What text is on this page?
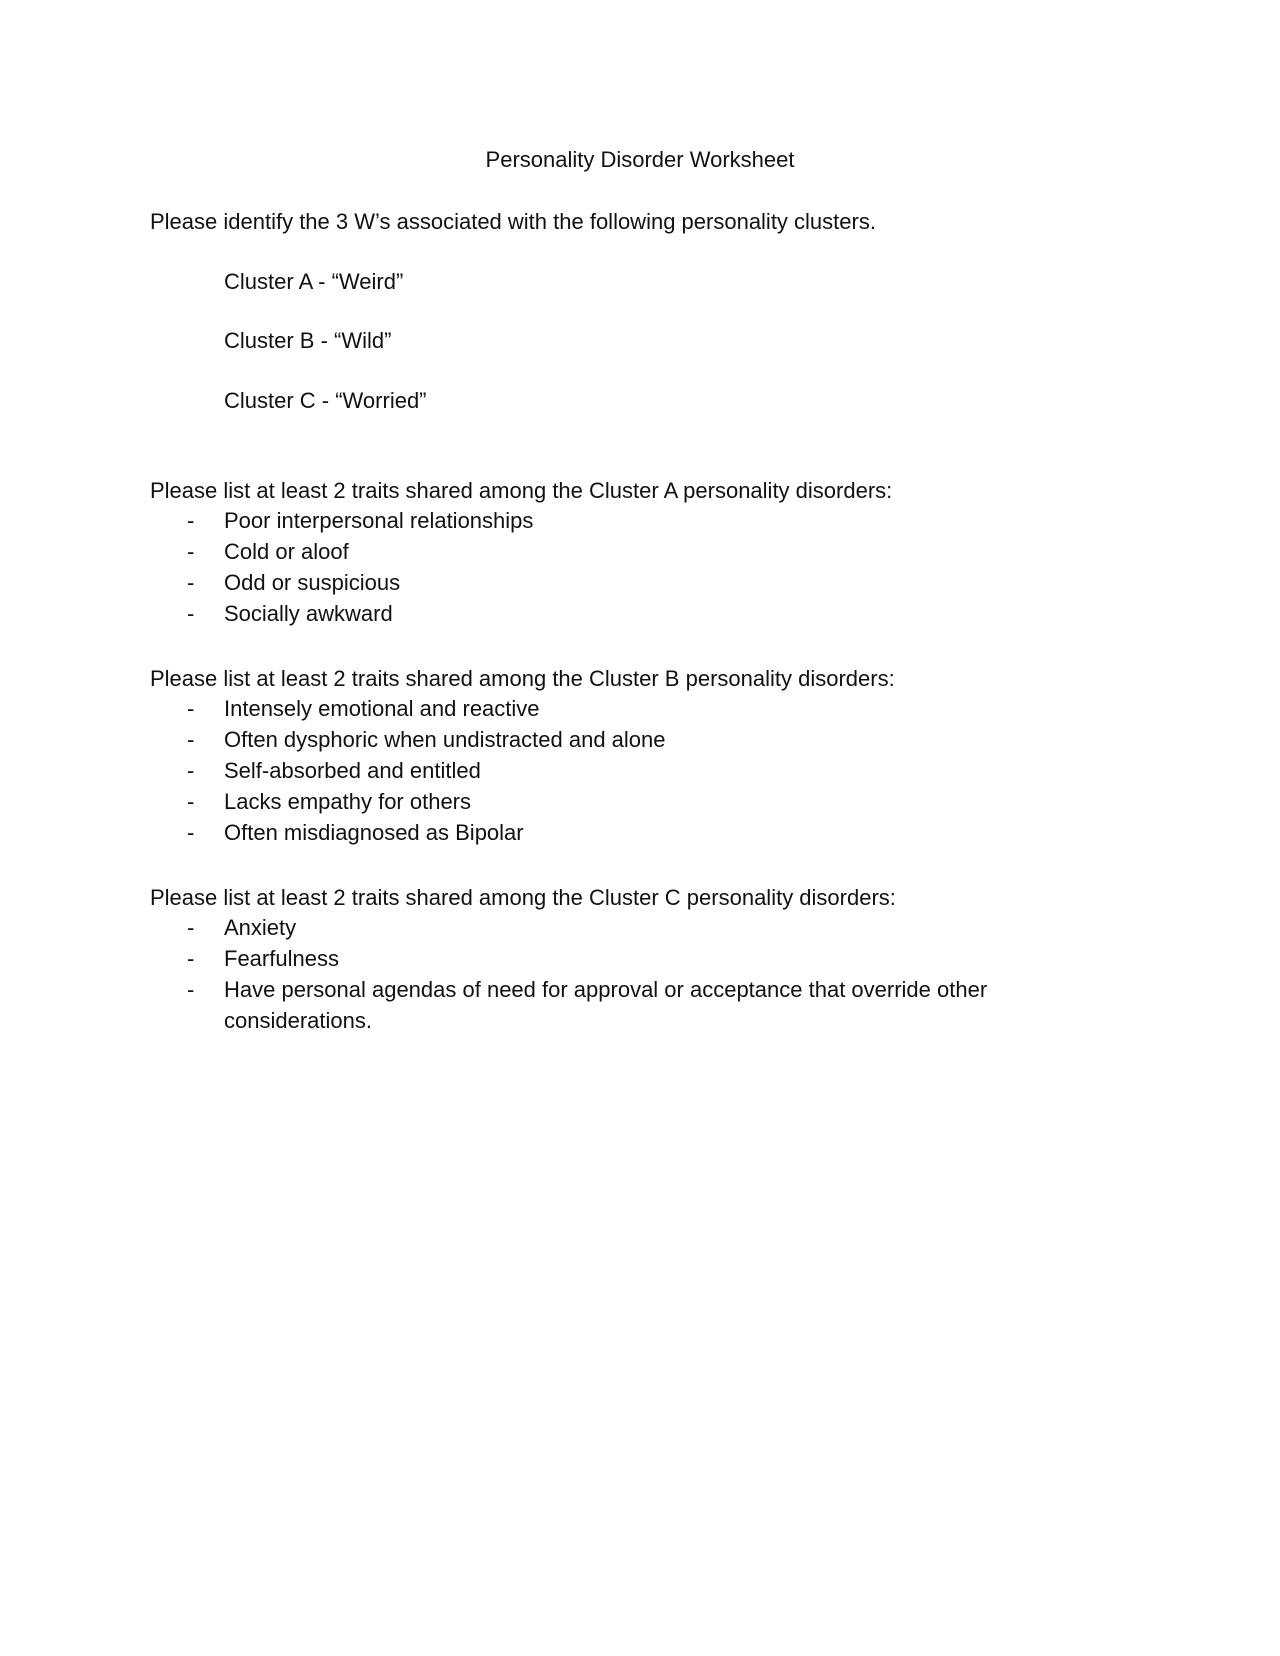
Personality Disorder Worksheet
Please identify the 3 W’s associated with the following personality clusters.
Cluster A - “Weird”
Cluster B - “Wild”
Cluster C - “Worried”

Please list at least 2 traits shared among the Cluster A personality disorders:

- Poor interpersonal relationships
- Cold or aloof
- Odd or suspicious
- Socially awkward

Please list at least 2 traits shared among the Cluster B personality disorders:

- Intensely emotional and reactive
- Often dysphoric when undistracted and alone
- Self-absorbed and entitled
- Lacks empathy for others
- Often misdiagnosed as Bipolar

Please list at least 2 traits shared among the Cluster C personality disorders:

- Anxiety
- Fearfulness
- Have personal agendas of need for approval or acceptance that override other considerations.
